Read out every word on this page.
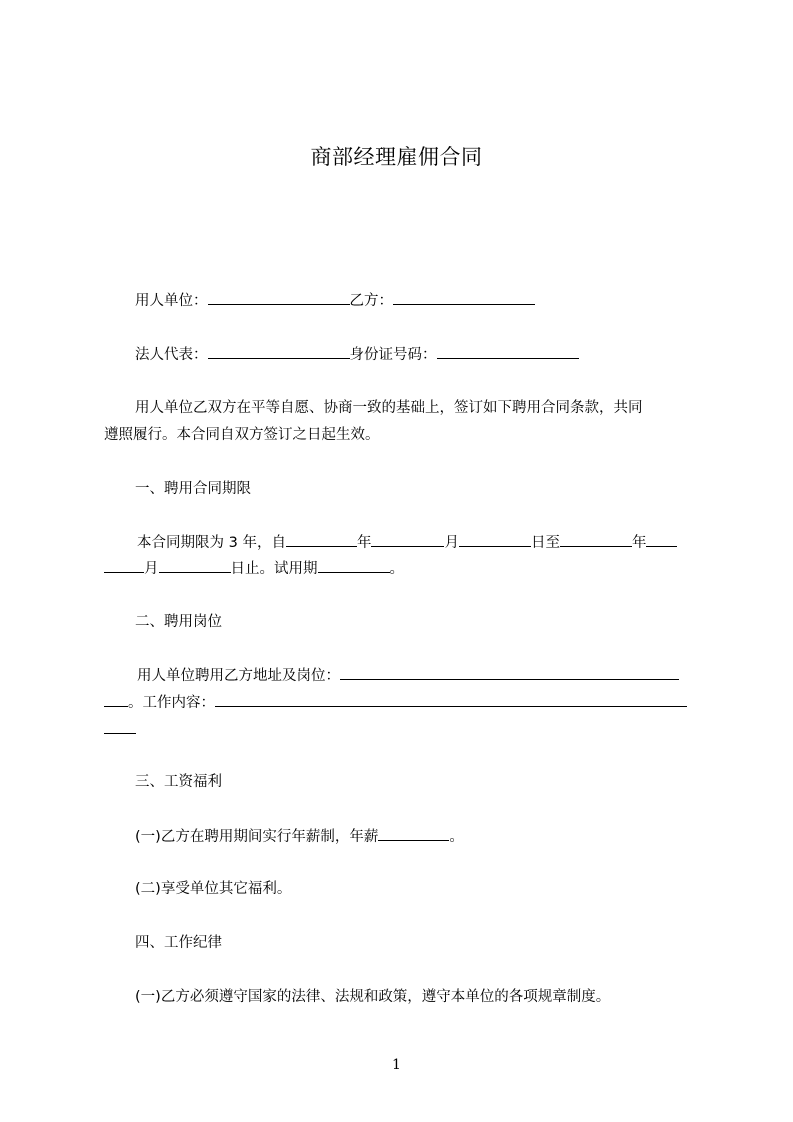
商部经理雇佣合同
用人单位：	乙方：
法人代表：	身份证号码：
用人单位乙双方在平等自愿、协商一致的基础上，签订如下聘用合同条款，共同
遵照履行。本合同自双方签订之日起生效。
一、聘用合同期限
本合同期限为 3 年，自	年	月	日至	年
月	日止。试用期	。
二、聘用岗位
用人单位聘用乙方地址及岗位：
。工作内容：
三、工资福利
(一)乙方在聘用期间实行年薪制，年薪	。
(二)享受单位其它福利。
四、工作纪律
(一)乙方必须遵守国家的法律、法规和政策，遵守本单位的各项规章制度。
1
